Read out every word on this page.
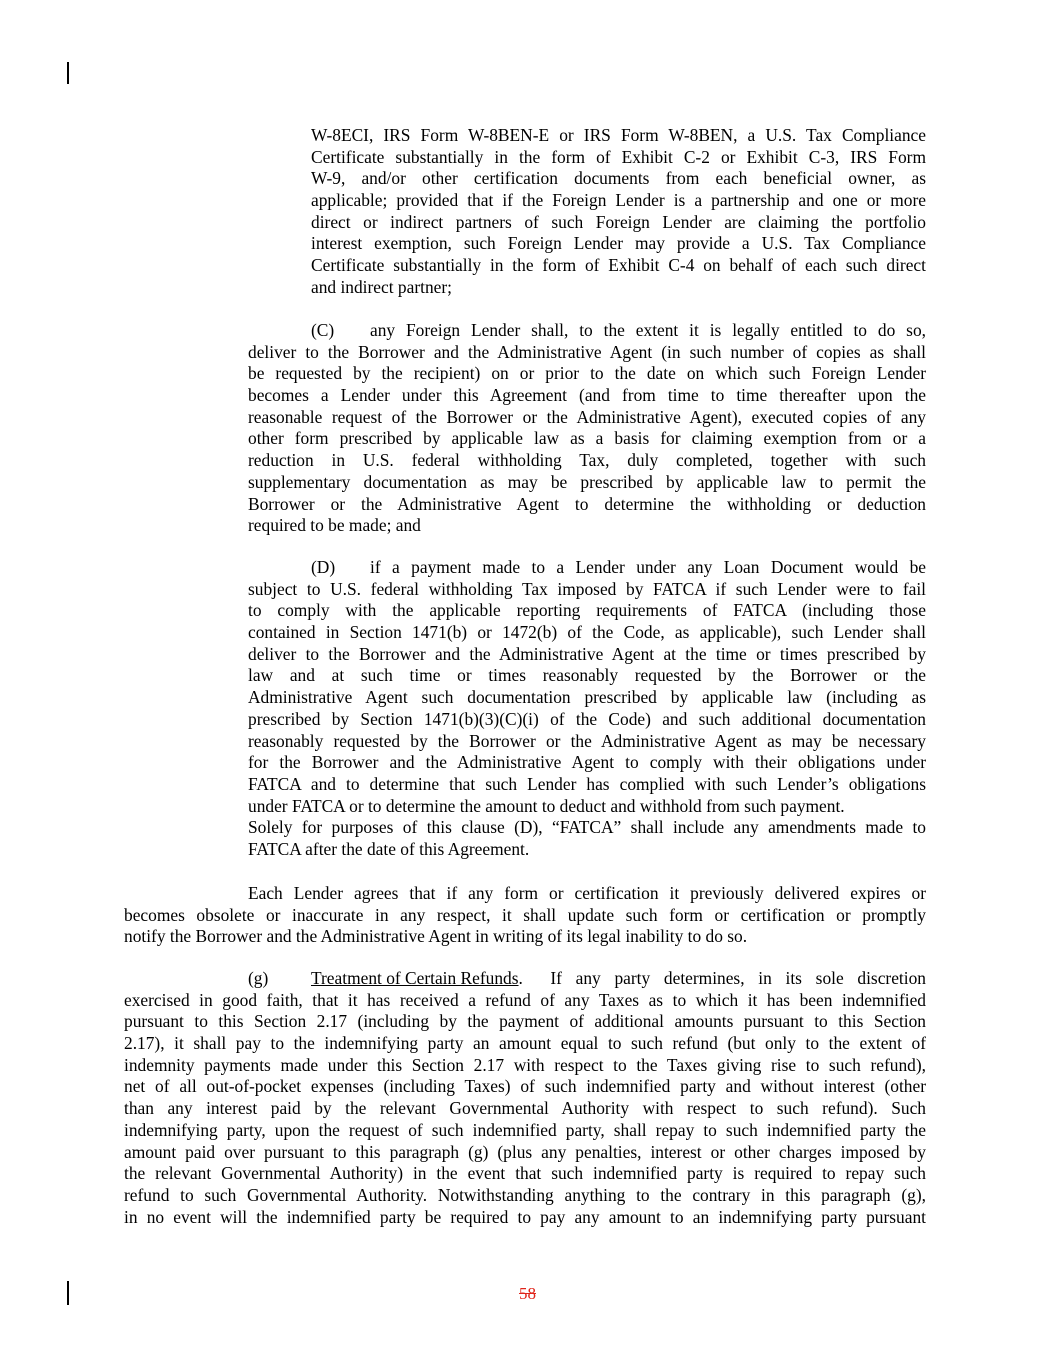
W-8ECI, IRS Form W-8BEN-E or IRS Form W-8BEN, a U.S. Tax Compliance
Certificate substantially in the form of Exhibit C-2 or Exhibit C-3, IRS Form
W-9, and/or other certification documents from each beneficial owner, as
applicable; provided that if the Foreign Lender is a partnership and one or more
direct or indirect partners of such Foreign Lender are claiming the portfolio
interest exemption, such Foreign Lender may provide a U.S. Tax Compliance
Certificate substantially in the form of Exhibit C-4 on behalf of each such direct
and indirect partner;
(C)	any Foreign Lender shall, to the extent it is legally entitled to do so,
deliver to the Borrower and the Administrative Agent (in such number of copies as shall
be requested by the recipient) on or prior to the date on which such Foreign Lender
becomes a Lender under this Agreement (and from time to time thereafter upon the
reasonable request of the Borrower or the Administrative Agent), executed copies of any
other form prescribed by applicable law as a basis for claiming exemption from or a
reduction in U.S. federal withholding Tax, duly completed, together with such
supplementary documentation as may be prescribed by applicable law to permit the
Borrower or the Administrative Agent to determine the withholding or deduction
required to be made; and
(D)	if a payment made to a Lender under any Loan Document would be
subject to U.S. federal withholding Tax imposed by FATCA if such Lender were to fail
to comply with the applicable reporting requirements of FATCA (including those
contained in Section 1471(b) or 1472(b) of the Code, as applicable), such Lender shall
deliver to the Borrower and the Administrative Agent at the time or times prescribed by
law and at such time or times reasonably requested by the Borrower or the
Administrative Agent such documentation prescribed by applicable law (including as
prescribed by Section 1471(b)(3)(C)(i) of the Code) and such additional documentation
reasonably requested by the Borrower or the Administrative Agent as may be necessary
for the Borrower and the Administrative Agent to comply with their obligations under
FATCA and to determine that such Lender has complied with such Lender’s obligations
under FATCA or to determine the amount to deduct and withhold from such payment.
Solely for purposes of this clause (D), “FATCA” shall include any amendments made to
FATCA after the date of this Agreement.
Each Lender agrees that if any form or certification it previously delivered expires or
becomes obsolete or inaccurate in any respect, it shall update such form or certification or promptly
notify the Borrower and the Administrative Agent in writing of its legal inability to do so.
(g)	Treatment of Certain Refunds .  If any party determines, in its sole discretion
exercised in good faith, that it has received a refund of any Taxes as to which it has been indemnified
pursuant to this Section 2.17 (including by the payment of additional amounts pursuant to this Section
2.17), it shall pay to the indemnifying party an amount equal to such refund (but only to the extent of
indemnity payments made under this Section 2.17 with respect to the Taxes giving rise to such refund),
net of all out-of-pocket expenses (including Taxes) of such indemnified party and without interest (other
than any interest paid by the relevant Governmental Authority with respect to such refund). Such
indemnifying party, upon the request of such indemnified party, shall repay to such indemnified party the
amount paid over pursuant to this paragraph (g) (plus any penalties, interest or other charges imposed by
the relevant Governmental Authority) in the event that such indemnified party is required to repay such
refund to such Governmental Authority. Notwithstanding anything to the contrary in this paragraph (g),
in no event will the indemnified party be required to pay any amount to an indemnifying party pursuant
58
